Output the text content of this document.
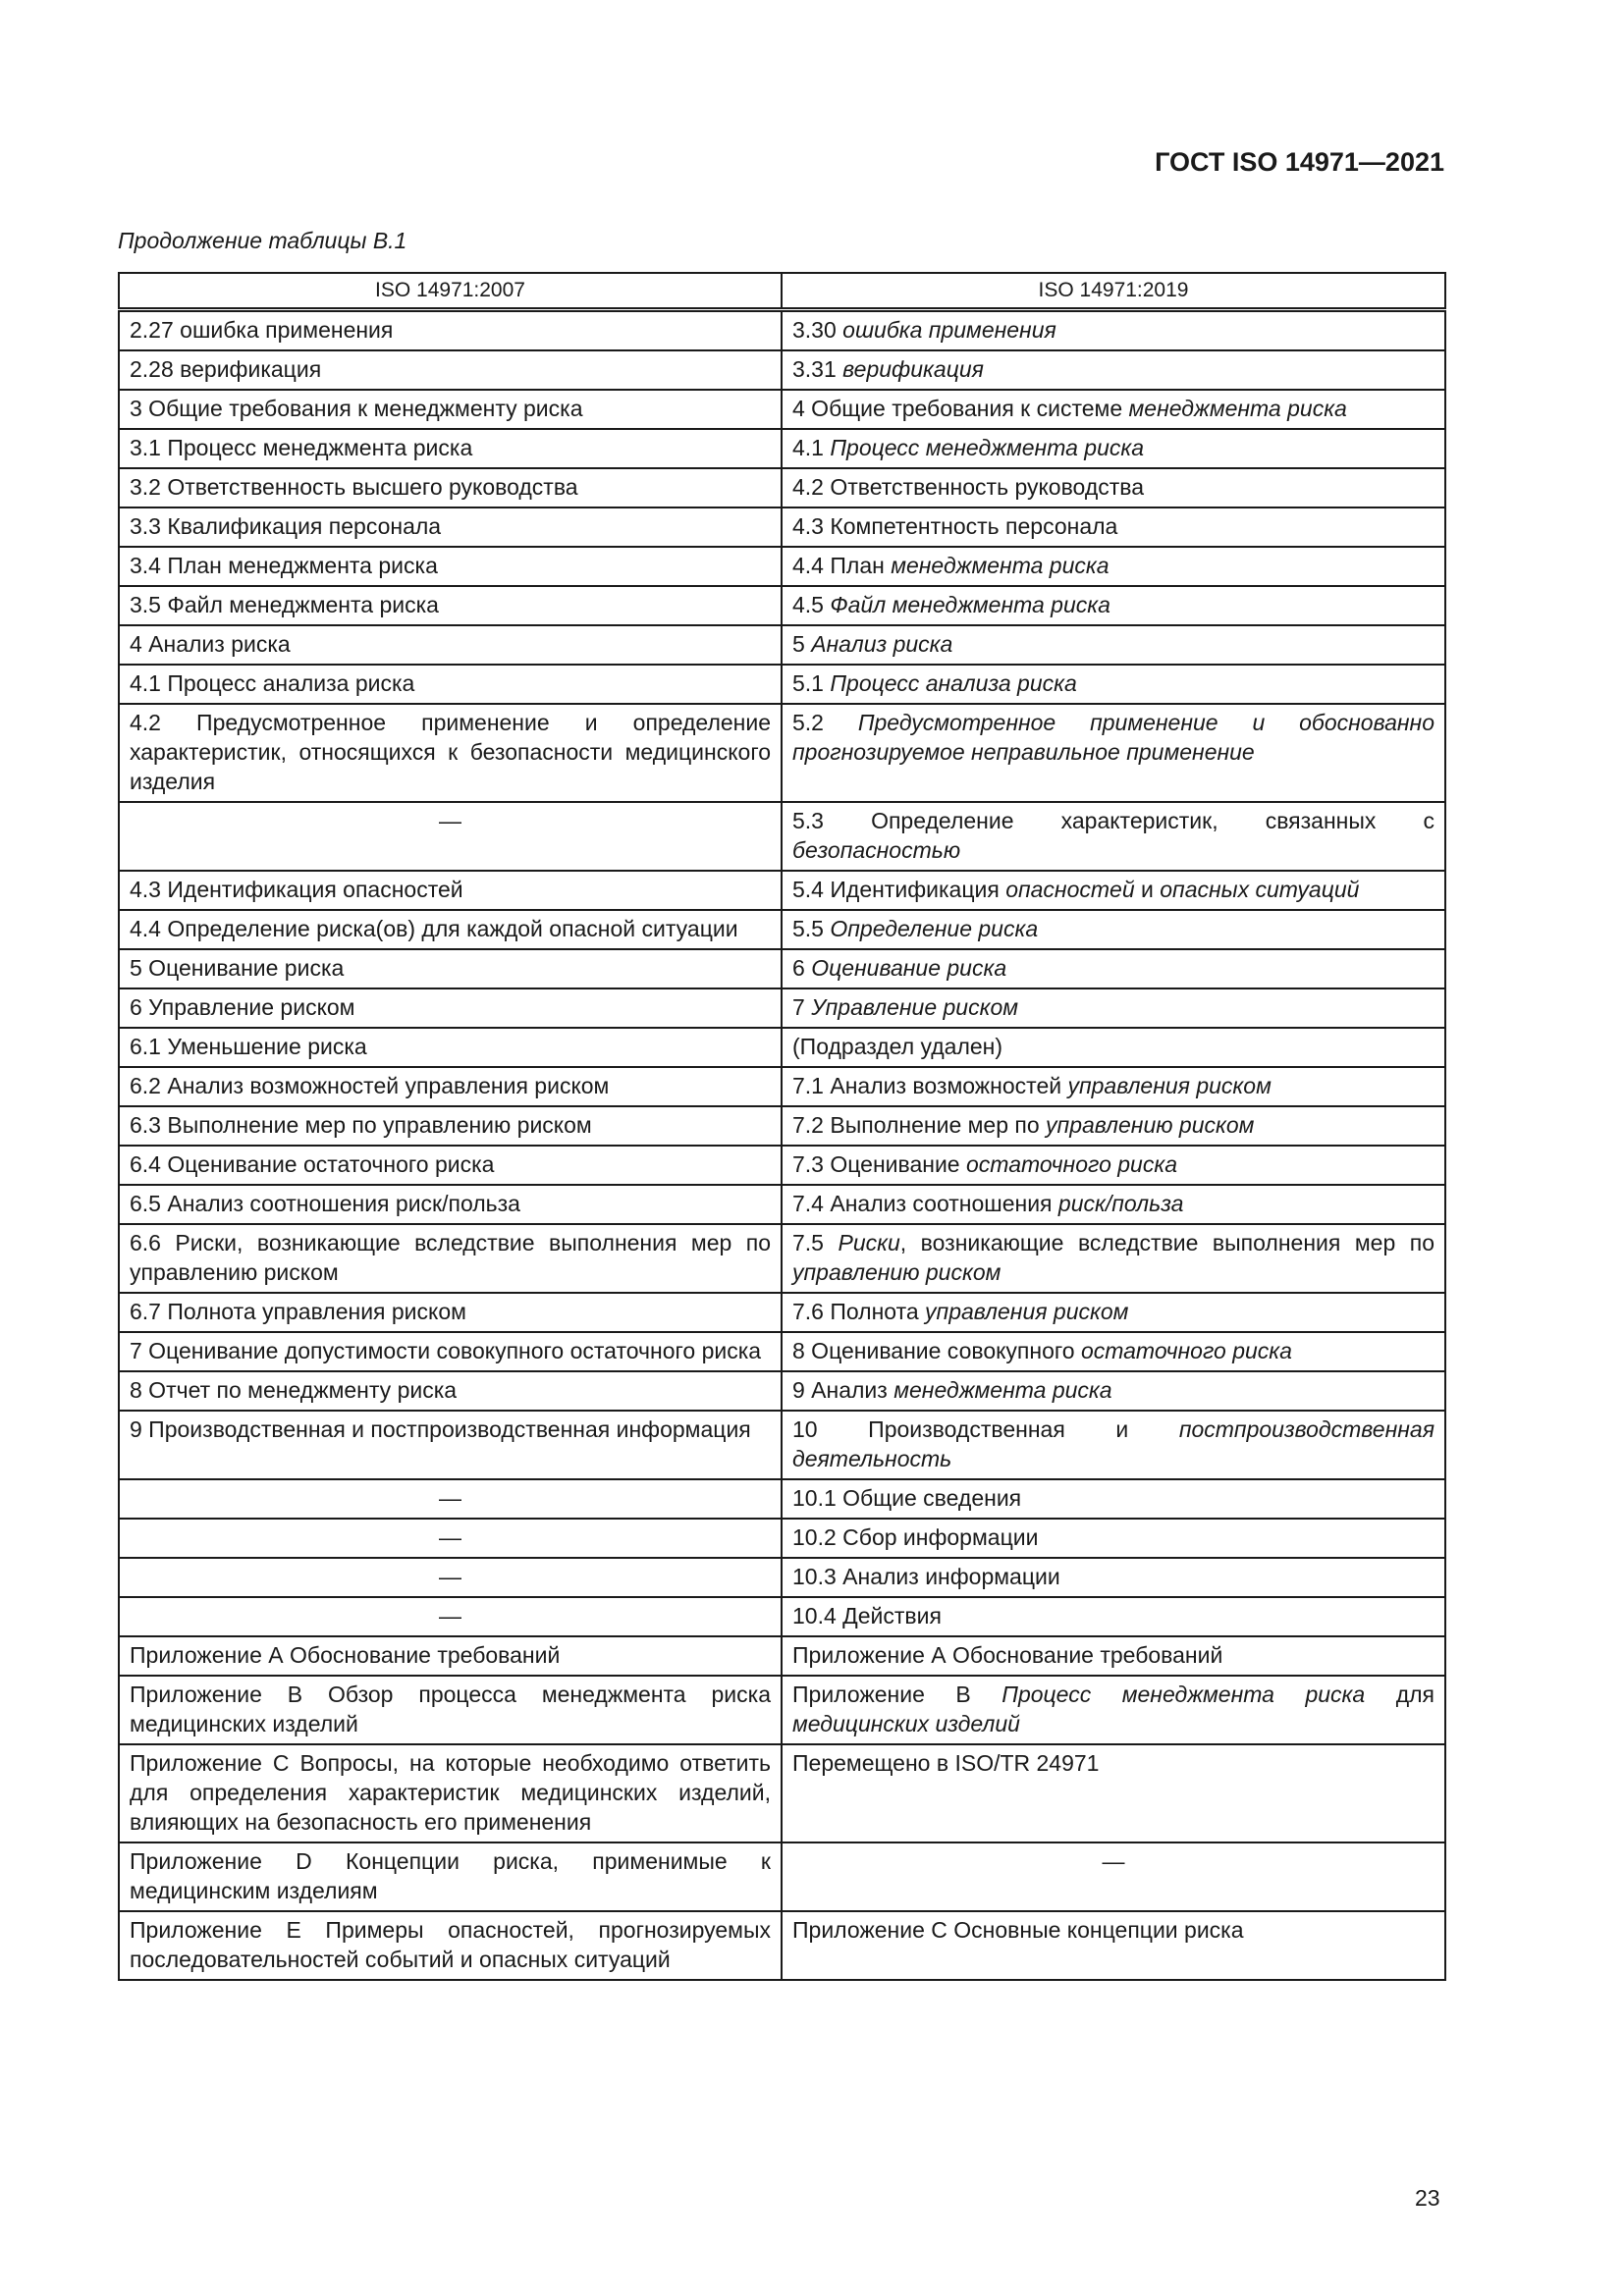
ГОСТ ISO 14971—2021
Продолжение таблицы B.1
ISO 14971:2007	ISO 14971:2019
2.27 ошибка применения	3.30 ошибка применения
2.28 верификация	3.31 верификация
3 Общие требования к менеджменту риска	4 Общие требования к системе менеджмента риска
3.1 Процесс менеджмента риска	4.1 Процесс менеджмента риска
3.2 Ответственность высшего руководства	4.2 Ответственность руководства
3.3 Квалификация персонала	4.3 Компетентность персонала
3.4 План менеджмента риска	4.4 План менеджмента риска
3.5 Файл менеджмента риска	4.5 Файл менеджмента риска
4 Анализ риска	5 Анализ риска
4.1 Процесс анализа риска	5.1 Процесс анализа риска
4.2 Предусмотренное применение и определение характеристик, относящихся к безопасности медицинского изделия	5.2 Предусмотренное применение и обоснованно прогнозируемое неправильное применение
—	5.3 Определение характеристик, связанных с безопасностью
4.3 Идентификация опасностей	5.4 Идентификация опасностей и опасных ситуаций
4.4 Определение риска(ов) для каждой опасной ситуации	5.5 Определение риска
5 Оценивание риска	6 Оценивание риска
6 Управление риском	7 Управление риском
6.1 Уменьшение риска	(Подраздел удален)
6.2 Анализ возможностей управления риском	7.1 Анализ возможностей управления риском
6.3 Выполнение мер по управлению риском	7.2 Выполнение мер по управлению риском
6.4 Оценивание остаточного риска	7.3 Оценивание остаточного риска
6.5 Анализ соотношения риск/польза	7.4 Анализ соотношения риск/польза
6.6 Риски, возникающие вследствие выполнения мер по управлению риском	7.5 Риски, возникающие вследствие выполнения мер по управлению риском
6.7 Полнота управления риском	7.6 Полнота управления риском
7 Оценивание допустимости совокупного остаточного риска	8 Оценивание совокупного остаточного риска
8 Отчет по менеджменту риска	9 Анализ менеджмента риска
9 Производственная и постпроизводственная информация	10 Производственная и постпроизводственная деятельность
—	10.1 Общие сведения
—	10.2 Сбор информации
—	10.3 Анализ информации
—	10.4 Действия
Приложение А Обоснование требований	Приложение А Обоснование требований
Приложение В Обзор процесса менеджмента риска медицинских изделий	Приложение В Процесс менеджмента риска для медицинских изделий
Приложение С Вопросы, на которые необходимо ответить для определения характеристик медицинских изделий, влияющих на безопасность его применения	Перемещено в ISO/TR 24971
Приложение D Концепции риска, применимые к медицинским изделиям	—
Приложение E Примеры опасностей, прогнозируемых последовательностей событий и опасных ситуаций	Приложение С Основные концепции риска
23
